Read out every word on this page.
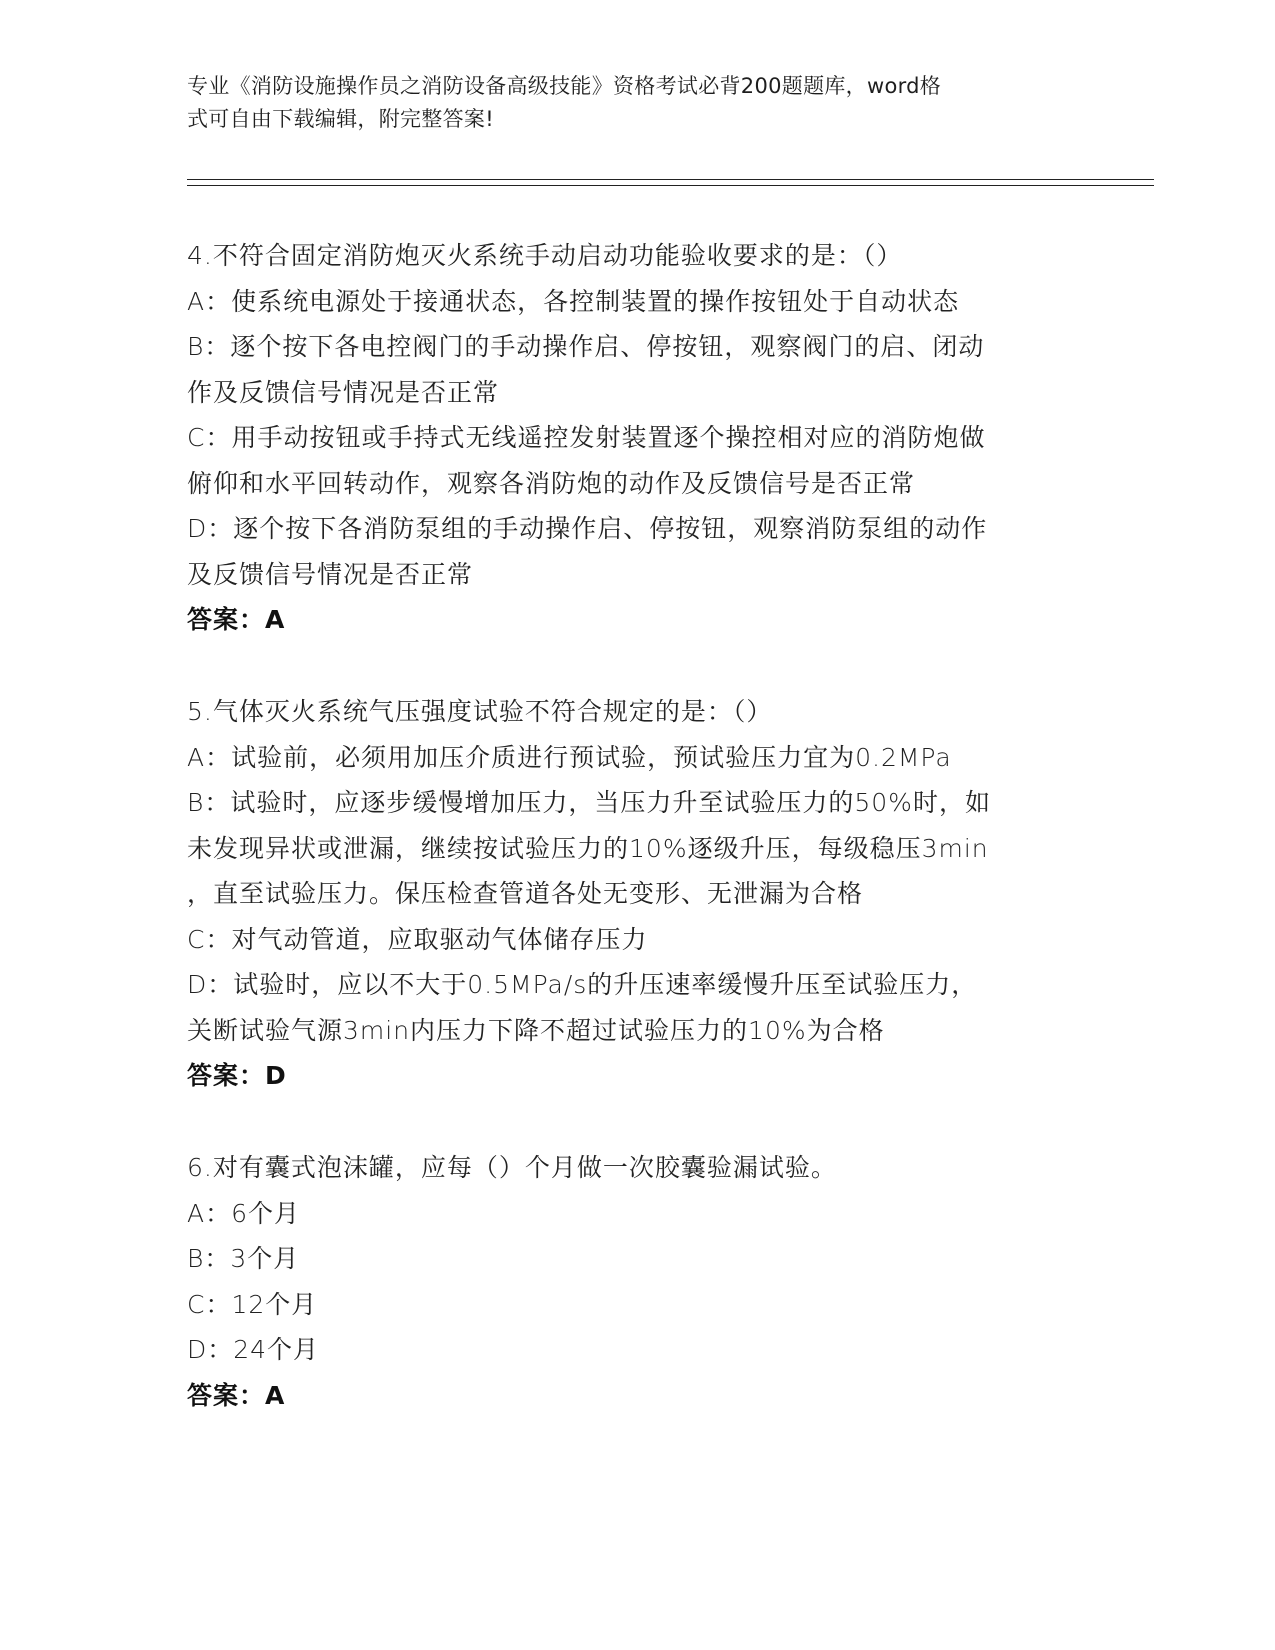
专业《消防设施操作员之消防设备高级技能》资格考试必背200题题库，word格
式可自由下载编辑，附完整答案!
4.不符合固定消防炮灭火系统手动启动功能验收要求的是：（）
A：使系统电源处于接通状态，各控制装置的操作按钮处于自动状态
B：逐个按下各电控阀门的手动操作启、停按钮，观察阀门的启、闭动
作及反馈信号情况是否正常
C：用手动按钮或手持式无线遥控发射装置逐个操控相对应的消防炮做
俯仰和水平回转动作，观察各消防炮的动作及反馈信号是否正常
D：逐个按下各消防泵组的手动操作启、停按钮，观察消防泵组的动作
及反馈信号情况是否正常
答案：A
5.气体灭火系统气压强度试验不符合规定的是：（）
A：试验前，必须用加压介质进行预试验，预试验压力宜为0.2MPa
B：试验时，应逐步缓慢增加压力，当压力升至试验压力的50%时，如
未发现异状或泄漏，继续按试验压力的10%逐级升压，每级稳压3min
，直至试验压力。保压检查管道各处无变形、无泄漏为合格
C：对气动管道，应取驱动气体储存压力
D：试验时，应以不大于0.5MPa/s的升压速率缓慢升压至试验压力，
关断试验气源3min内压力下降不超过试验压力的10%为合格
答案：D
6.对有囊式泡沫罐，应每（）个月做一次胶囊验漏试验。
A：6个月
B：3个月
C：12个月
D：24个月
答案：A
